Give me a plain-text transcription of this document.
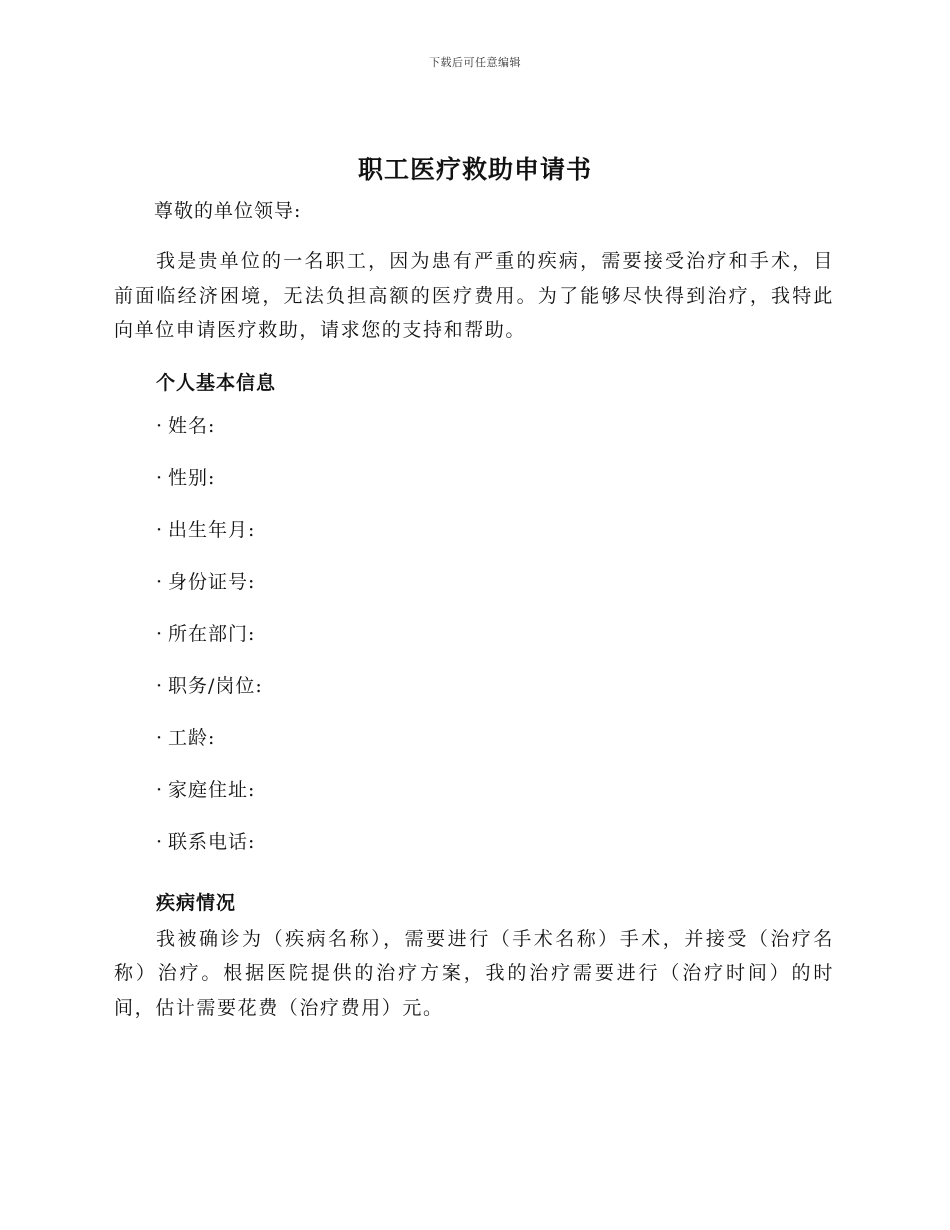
下载后可任意编辑
职工医疗救助申请书

尊敬的单位领导:

我是贵单位的一名职工，因为患有严重的疾病，需要接受治疗和手术，目前面临经济困境，无法负担高额的医疗费用。为了能够尽快得到治疗，我特此向单位申请医疗救助，请求您的支持和帮助。

个人基本信息
· 姓名:
· 性别:
· 出生年月:
· 身份证号:
· 所在部门:
· 职务/岗位:
· 工龄:
· 家庭住址:
· 联系电话:
疾病情况

我被确诊为（疾病名称），需要进行（手术名称）手术，并接受（治疗名称）治疗。根据医院提供的治疗方案，我的治疗需要进行（治疗时间）的时间，估计需要花费（治疗费用）元。
